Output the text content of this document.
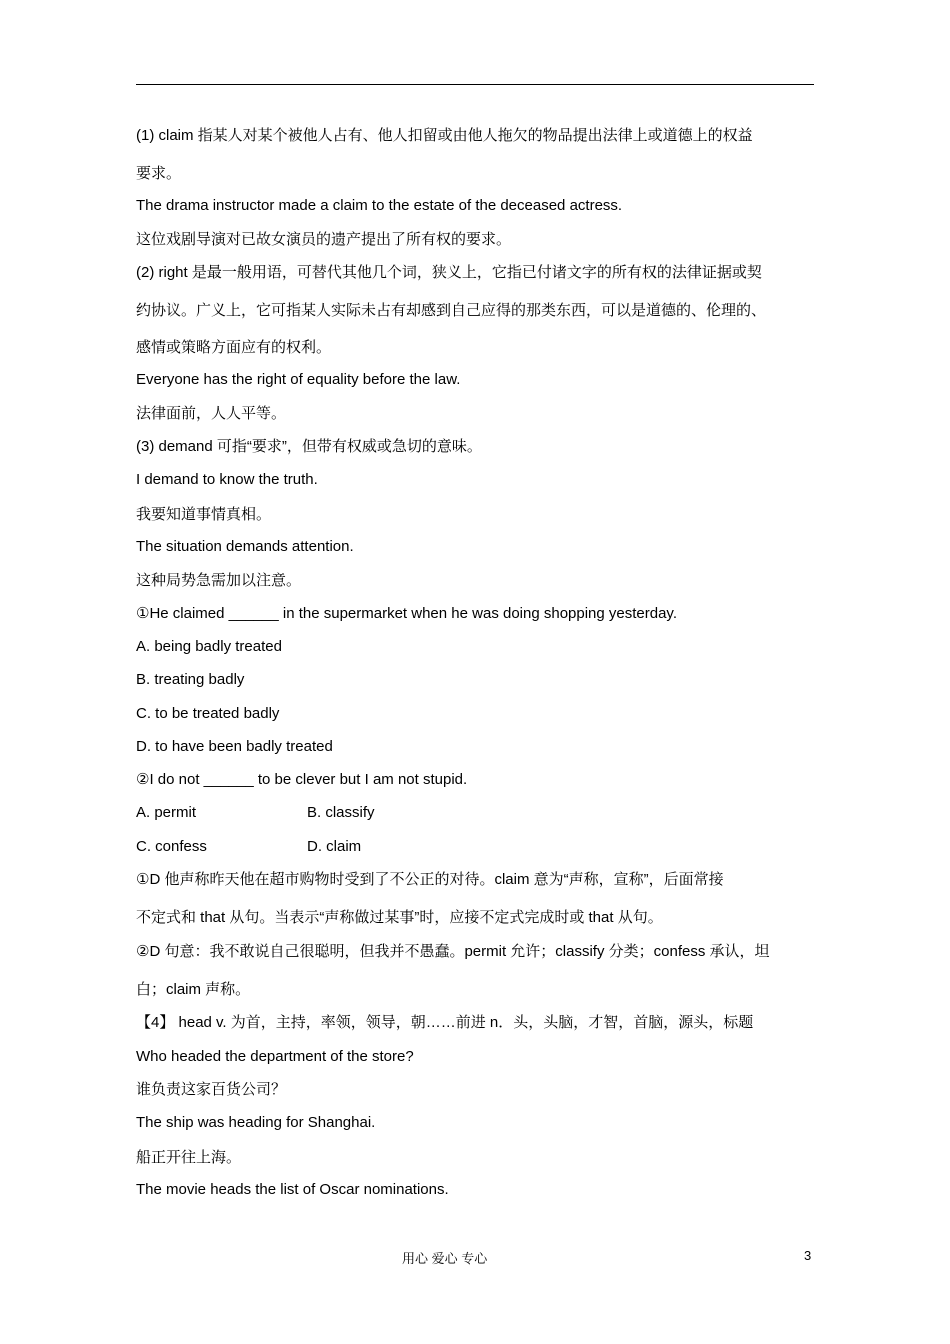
(1) claim 指某人对某个被他人占有、他人扣留或由他人拖欠的物品提出法律上或道德上的权益
要求。
The drama instructor made a claim to the estate of the deceased actress.
这位戏剧导演对已故女演员的遗产提出了所有权的要求。
(2) right 是最一般用语，可替代其他几个词，狭义上，它指已付诸文字的所有权的法律证据或契
约协议。广义上，它可指某人实际未占有却感到自己应得的那类东西，可以是道德的、伦理的、
感情或策略方面应有的权利。
Everyone has the right of equality before the law.
法律面前，人人平等。
(3) demand 可指“要求”，但带有权威或急切的意味。
I demand to know the truth.
我要知道事情真相。
The situation demands attention.
这种局势急需加以注意。
①He claimed ______ in the supermarket when he was doing shopping yesterday.
A. being badly treated
B. treating badly
C. to be treated badly
D. to have been badly treated
②I do not ______ to be clever but I am not stupid.
A. permit	B. classify
C. confess	D. claim
①D 他声称昨天他在超市购物时受到了不公正的对待。claim 意为“声称，宣称”，后面常接
不定式和 that 从句。当表示“声称做过某事”时，应接不定式完成时或 that 从句。
②D 句意：我不敢说自己很聪明，但我并不愚蠢。permit 允许；classify 分类；confess 承认，坦
白；claim 声称。
【4】 head v. 为首，主持，率领，领导，朝……前进 n．头，头脑，才智，首脑，源头，标题
Who headed the department of the store?
谁负责这家百货公司？
The ship was heading for Shanghai.
船正开往上海。
The movie heads the list of Oscar nominations.
用心 爱心 专心	3
